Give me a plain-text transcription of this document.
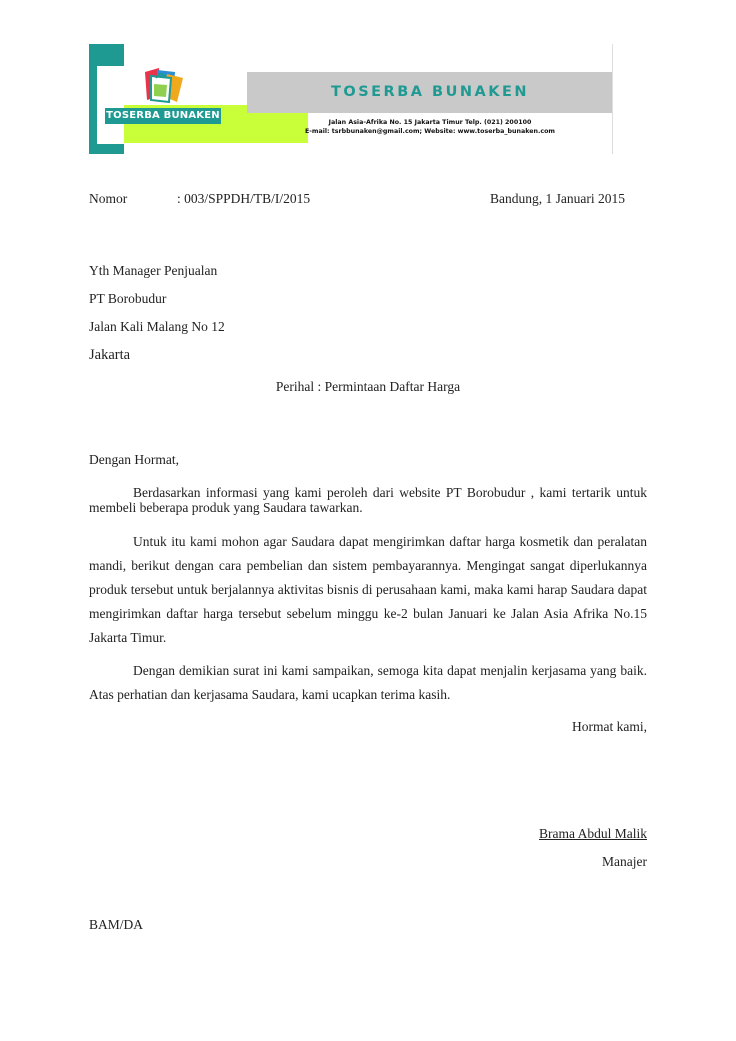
TOSERBA BUNAKEN
TOSERBA BUNAKEN
Jalan Asia-Afrika No. 15 Jakarta Timur Telp. (021) 200100
E-mail: tsrbbunaken@gmail.com; Website: www.toserba_bunaken.com
Nomor	: 003/SPPDH/TB/I/2015	Bandung, 1 Januari 2015
Yth Manager Penjualan
PT Borobudur
Jalan Kali Malang No 12
Jakarta
Perihal : Permintaan Daftar Harga
Dengan Hormat,
Berdasarkan informasi yang kami peroleh dari website PT Borobudur , kami tertarik untuk membeli beberapa produk yang Saudara tawarkan.
Untuk itu kami mohon agar Saudara dapat mengirimkan daftar harga kosmetik dan peralatan mandi, berikut dengan cara pembelian dan sistem pembayarannya. Mengingat sangat diperlukannya produk tersebut untuk berjalannya aktivitas bisnis di perusahaan kami, maka kami harap Saudara dapat mengirimkan daftar harga tersebut sebelum minggu ke-2 bulan Januari ke Jalan Asia Afrika No.15 Jakarta Timur.
Dengan demikian surat ini kami sampaikan, semoga kita dapat menjalin kerjasama yang baik. Atas perhatian dan kerjasama Saudara, kami ucapkan terima kasih.
Hormat kami,
Brama Abdul Malik
Manajer
BAM/DA
